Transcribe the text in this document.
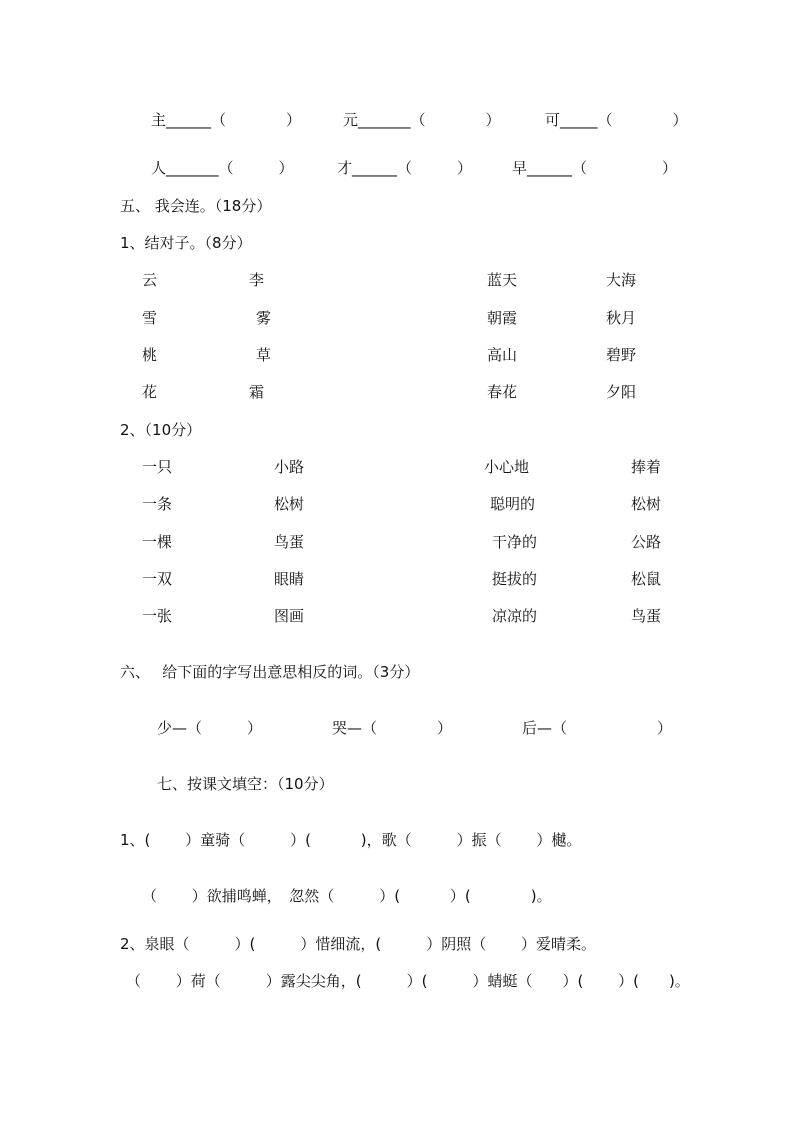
主______（　　　　）	元_______（　　　　）	可_____（　　　　）
人_______（　　　）	才______（　　　）	早______（　　　　　）
五、 我会连。（18分）
1、结对子。（8分）
云	李	蓝天	大海
雪	雾	朝霞	秋月
桃	草	高山	碧野
花	霜	春花	夕阳
2、（10分）
一只	小路	小心地	捧着
一条	松树	聪明的	松树
一棵	鸟蛋	干净的	公路
一双	眼睛	挺拔的	松鼠
一张	图画	凉凉的	鸟蛋
六、　 给下面的字写出意思相反的词。（3分）
少—（　　　）	哭—（　　　　）	后—（　　　　　　）
七、按课文填空：（10分）
1、(　　 ）童骑（　　　）(　　　 )，歌（　　　）振（　　 ）樾。
（　　 ）欲捕鸣蝉，　忽然（　　　）(　　　 ）(　　　　)。
2、泉眼（　　　）(　　　）惜细流，(　　　）阴照（　　 ）爱晴柔。
（　　 ）荷（　　　）露尖尖角，(　　　）(　　　）蜻蜓（　　）(　　 ）(　　)。
